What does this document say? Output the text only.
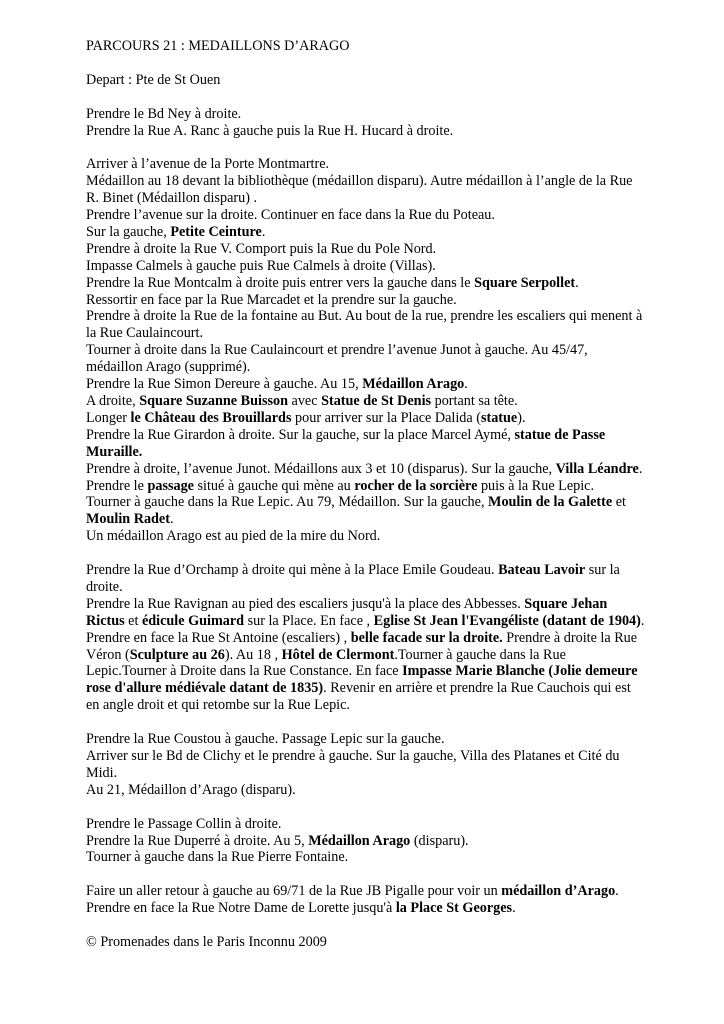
PARCOURS 21 : MEDAILLONS D’ARAGO

Depart : Pte de St Ouen

Prendre le Bd Ney à droite.
Prendre la Rue A. Ranc à gauche puis la Rue H. Hucard à droite.
Arriver à l’avenue de la Porte Montmartre.
Médaillon au 18 devant la bibliothèque (médaillon disparu). Autre médaillon à l’angle de la Rue R. Binet (Médaillon disparu) .
Prendre l’avenue sur la droite. Continuer en face dans la Rue du Poteau.
Sur la gauche, Petite Ceinture.
Prendre à droite la Rue V. Comport puis la Rue du Pole Nord.
Impasse Calmels à gauche puis Rue Calmels à droite (Villas).
Prendre la Rue Montcalm à droite puis entrer vers la gauche dans le Square Serpollet.
Ressortir en face par la Rue Marcadet et la prendre sur la gauche.
Prendre à droite la Rue de la fontaine au But. Au bout de la rue, prendre les escaliers qui menent à la Rue Caulaincourt.
Tourner à droite dans la Rue Caulaincourt et prendre l’avenue Junot à gauche. Au 45/47, médaillon Arago (supprimé).
Prendre la Rue Simon Dereure à gauche. Au 15, Médaillon Arago.
A droite, Square Suzanne Buisson avec Statue de St Denis portant sa tête.
Longer le Château des Brouillards pour arriver sur la Place Dalida (statue).
Prendre la Rue Girardon à droite. Sur la gauche, sur la place Marcel Aymé, statue de Passe Muraille.
Prendre à droite, l’avenue Junot. Médaillons aux 3 et 10 (disparus). Sur la gauche, Villa Léandre. Prendre le passage situé à gauche qui mène au rocher de la sorcière puis à la Rue Lepic.
Tourner à gauche dans la Rue Lepic. Au 79, Médaillon. Sur la gauche, Moulin de la Galette et Moulin Radet.
Un médaillon Arago est au pied de la mire du Nord.
Prendre la Rue d’Orchamp à droite qui mène à la Place Emile Goudeau. Bateau Lavoir sur la droite.
Prendre la Rue Ravignan au pied des escaliers jusqu'à la place des Abbesses. Square Jehan Rictus et édicule Guimard sur la Place. En face , Eglise St Jean l'Evangéliste (datant de 1904). Prendre en face la Rue St Antoine (escaliers) , belle facade sur la droite. Prendre à droite la Rue Véron (Sculpture au 26). Au 18 , Hôtel de Clermont.Tourner à gauche dans la Rue Lepic.Tourner à Droite dans la Rue Constance. En face Impasse Marie Blanche (Jolie demeure rose d'allure médiévale datant de 1835). Revenir en arrière et prendre la Rue Cauchois qui est en angle droit et qui retombe sur la Rue Lepic.
Prendre la Rue Coustou à gauche. Passage Lepic sur la gauche.
Arriver sur le Bd de Clichy et le prendre à gauche. Sur la gauche, Villa des Platanes et Cité du Midi.
Au 21, Médaillon d’Arago (disparu).
Prendre le Passage Collin à droite.
Prendre la Rue Duperré à droite. Au 5, Médaillon Arago (disparu).
Tourner à gauche dans la Rue Pierre Fontaine.
Faire un aller retour à gauche au 69/71 de la Rue JB Pigalle pour voir un médaillon d’Arago.
Prendre en face la Rue Notre Dame de Lorette jusqu'à la Place St Georges.

© Promenades dans le Paris Inconnu 2009
